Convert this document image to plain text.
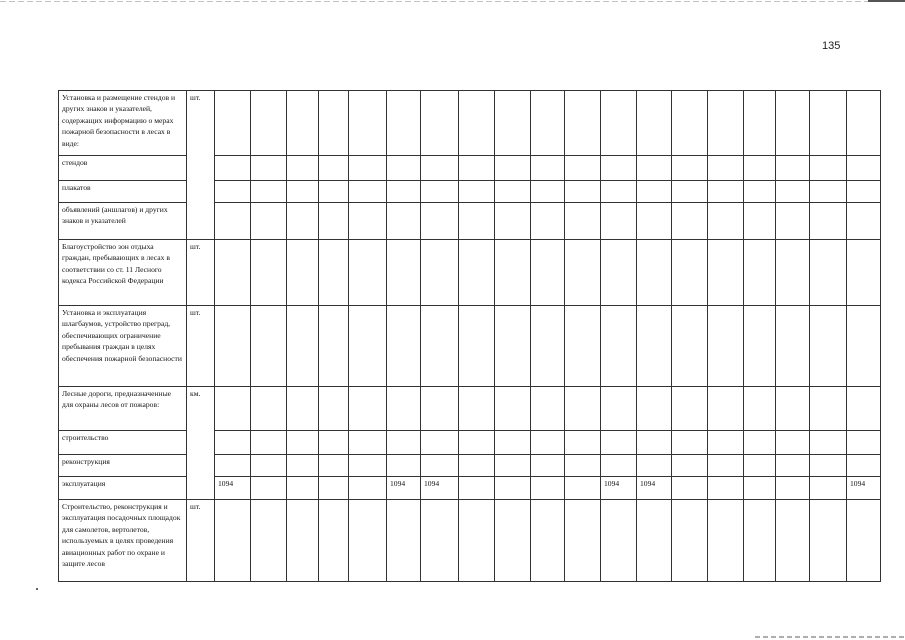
135
Установка и размещение стендов и других знаков и указателей, содержащих информацию о мерах пожарной безопасности в лесах в виде:	шт.																			
стендов																				
плакатов																				
объявлений (аншлагов) и других знаков и указателей																				
Благоустройство зон отдыха граждан, пребывающих в лесах в соответствии со ст. 11 Лесного кодекса Российской Федерации	шт.																			
Установка и эксплуатация шлагбаумов, устройство преград, обеспечивающих ограничение пребывания граждан в целях обеспечения пожарной безопасности	шт.																			
Лесные дороги, предназначенные для охраны лесов от пожаров:	км.																			
строительство																				
реконструкция																				
эксплуатация		1094					1094	1094					1094	1094						1094
Строительство, реконструкция и эксплуатация посадочных площадок для самолетов, вертолетов, используемых в целях проведения авиационных работ по охране и защите лесов	шт.																			
